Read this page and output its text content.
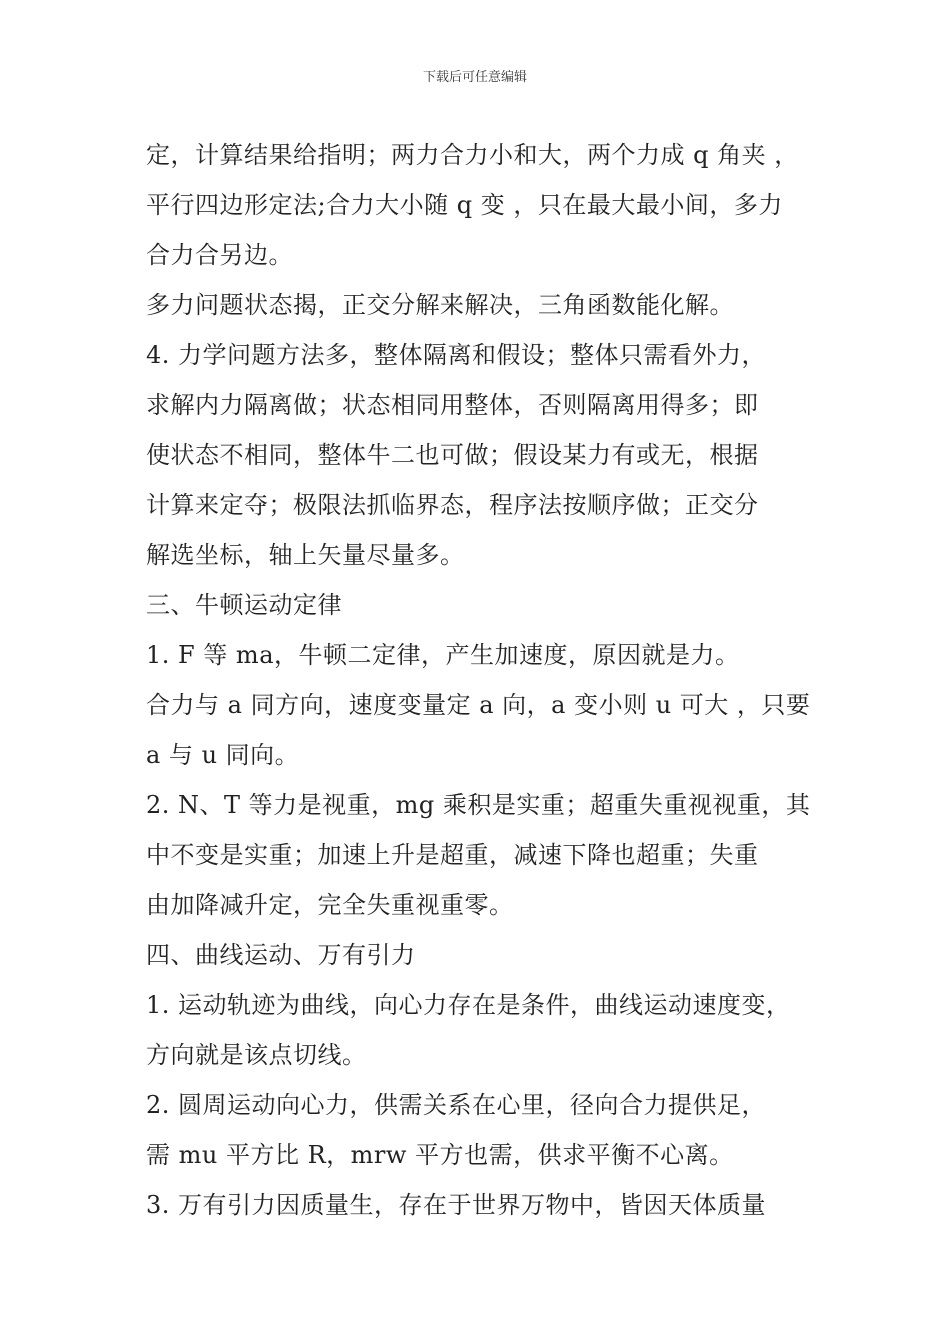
下载后可任意编辑
定，计算结果给指明；两力合力小和大，两个力成 q 角夹 ，
平行四边形定法;合力大小随 q 变 ，只在最大最小间，多力
合力合另边。
多力问题状态揭，正交分解来解决，三角函数能化解。
4. 力学问题方法多，整体隔离和假设；整体只需看外力，
求解内力隔离做；状态相同用整体，否则隔离用得多；即
使状态不相同，整体牛二也可做；假设某力有或无，根据
计算来定夺；极限法抓临界态，程序法按顺序做；正交分
解选坐标，轴上矢量尽量多。
三、牛顿运动定律
1. F 等 ma，牛顿二定律，产生加速度，原因就是力。
合力与 a 同方向，速度变量定 a 向，a 变小则 u 可大 ，只要
a 与 u 同向。
2. N、T 等力是视重，mg 乘积是实重；超重失重视视重，其
中不变是实重；加速上升是超重，减速下降也超重；失重
由加降减升定，完全失重视重零。
四、曲线运动、万有引力
1. 运动轨迹为曲线，向心力存在是条件，曲线运动速度变，
方向就是该点切线。
2. 圆周运动向心力，供需关系在心里，径向合力提供足，
需 mu 平方比 R，mrw 平方也需，供求平衡不心离。
3. 万有引力因质量生，存在于世界万物中，皆因天体质量
